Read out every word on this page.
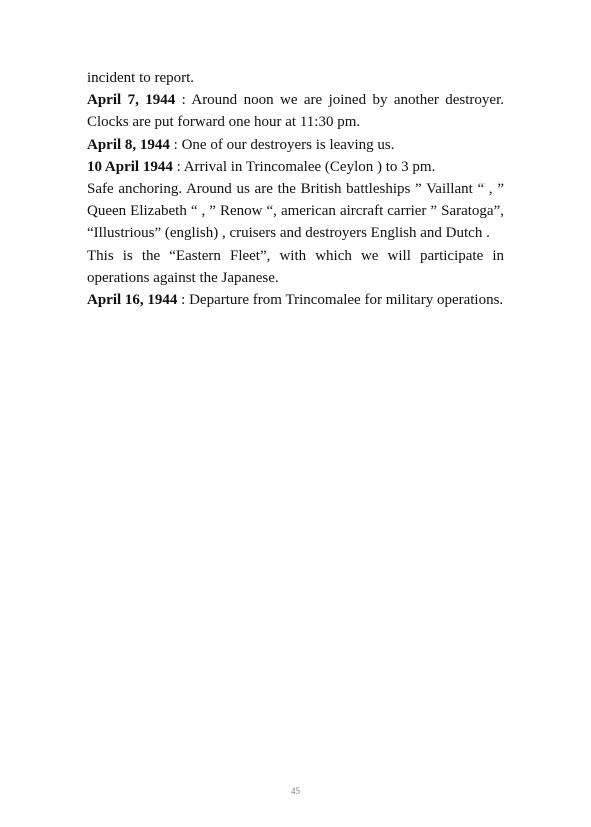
incident to report.

April 7, 1944 : Around noon we are joined by another destroyer. Clocks are put forward one hour at 11:30 pm.

April 8, 1944 : One of our destroyers is leaving us.

10 April 1944 : Arrival in Trincomalee (Ceylon ) to 3 pm.

Safe anchoring. Around us are the British battleships ” Vaillant “ , ” Queen Elizabeth “ , ” Renow “, american aircraft carrier ” Saratoga”, “Illustrious” (english) , cruisers and destroyers English and Dutch .

This is the “Eastern Fleet”, with which we will participate in operations against the Japanese.

April 16, 1944 : Departure from Trincomalee for military operations.

45
